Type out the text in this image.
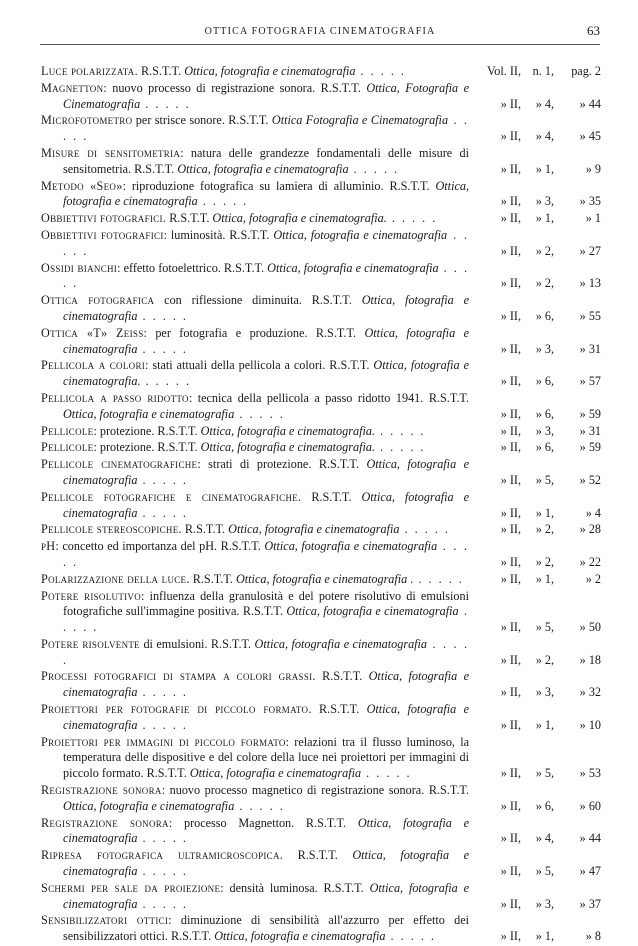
OTTICA FOTOGRAFIA CINEMATOGRAFIA	63
Luce polarizzata. R.S.T.T. Ottica, fotografia e cinematografia . . . . .	Vol. II, n. 1,	pag. 2
Magnetton: nuovo processo di registrazione sonora. R.S.T.T. Ottica, Fotografia e Cinematografia . . . . .	» II,	» 4,	» 44
Microfotometro per strisce sonore. R.S.T.T. Ottica Fotografia e Cinematografia . . . . .	» II,	» 4,	» 45
Misure di sensitometria: natura delle grandezze fondamentali delle misure di sensitometria. R.S.T.T. Ottica, fotografia e cinematografia . . . . .	» II,	» 1,	» 9
Metodo «Seo»: riproduzione fotografica su lamiera di alluminio. R.S.T.T. Ottica, fotografia e cinematografia . . . . .	» II,	» 3,	» 35
Obbiettivi fotografici. R.S.T.T. Ottica, fotografia e cinematografia. . . . . .	» II,	» 1,	» 1
Obbiettivi fotografici: luminosità. R.S.T.T. Ottica, fotografia e cinematografia . . . . .	» II,	» 2,	» 27
Ossidi bianchi: effetto fotoelettrico. R.S.T.T. Ottica, fotografia e cinematografia . . . . .	» II,	» 2,	» 13
Ottica fotografica con riflessione diminuita. R.S.T.T. Ottica, fotografia e cinematografia . . . . .	» II,	» 6,	» 55
Ottica «T» Zeiss: per fotografia e produzione. R.S.T.T. Ottica, fotografia e cinematografia . . . . .	» II,	» 3,	» 31
Pellicola a colori: stati attuali della pellicola a colori. R.S.T.T. Ottica, fotografia e cinematografia. . . . . .	» II,	» 6,	» 57
Pellicola a passo ridotto: tecnica della pellicola a passo ridotto 1941. R.S.T.T. Ottica, fotografia e cinematografia . . . . .	» II,	» 6,	» 59
Pellicole: protezione. R.S.T.T. Ottica, fotografia e cinematografia. . . . . .	» II,	» 3,	» 31
Pellicole: protezione. R.S.T.T. Ottica, fotografia e cinematografia. . . . . .	» II,	» 6,	» 59
Pellicole cinematografiche: strati di protezione. R.S.T.T. Ottica, fotografia e cinematografia . . . . .	» II,	» 5,	» 52
Pellicole fotografiche e cinematografiche. R.S.T.T. Ottica, fotografia e cinematografia . . . . .	» II,	» 1,	» 4
Pellicole stereoscopiche. R.S.T.T. Ottica, fotografia e cinematografia . . . . .	» II,	» 2,	» 28
pH: concetto ed importanza del pH. R.S.T.T. Ottica, fotografia e cinematografia . . . . .	» II,	» 2,	» 22
Polarizzazione della luce. R.S.T.T. Ottica, fotografia e cinematografia . . . . . .	» II,	» 1,	» 2
Potere risolutivo: influenza della granulosità e del potere risolutivo di emulsioni fotografiche sull'immagine positiva. R.S.T.T. Ottica, fotografia e cinematografia . . . . .	» II,	» 5,	» 50
Potere risolvente di emulsioni. R.S.T.T. Ottica, fotografia e cinematografia . . . . .	» II,	» 2,	» 18
Processi fotografici di stampa a colori grassi. R.S.T.T. Ottica, fotografia e cinematografia . . . . .	» II,	» 3,	» 32
Proiettori per fotografie di piccolo formato. R.S.T.T. Ottica, fotografia e cinematografia . . . . .	» II,	» 1,	» 10
Proiettori per immagini di piccolo formato: relazioni tra il flusso luminoso, la temperatura delle dispositive e del colore della luce nei proiettori per immagini di piccolo formato. R.S.T.T. Ottica, fotografia e cinematografia . . . . .	» II,	» 5,	» 53
Registrazione sonora: nuovo processo magnetico di registrazione sonora. R.S.T.T. Ottica, fotografia e cinematografia . . . . .	» II,	» 6,	» 60
Registrazione sonora: processo Magnetton. R.S.T.T. Ottica, fotografia e cinematografia . . . . .	» II,	» 4,	» 44
Ripresa fotografica ultramicroscopica. R.S.T.T. Ottica, fotografia e cinematografia . . . . .	» II,	» 5,	» 47
Schermi per sale da proiezione: densità luminosa. R.S.T.T. Ottica, fotografia e cinematografia . . . . .	» II,	» 3,	» 37
Sensibilizzatori ottici: diminuzione di sensibilità all'azzurro per effetto dei sensibilizzatori ottici. R.S.T.T. Ottica, fotografia e cinematografia . . . . .	» II,	» 1,	» 8
